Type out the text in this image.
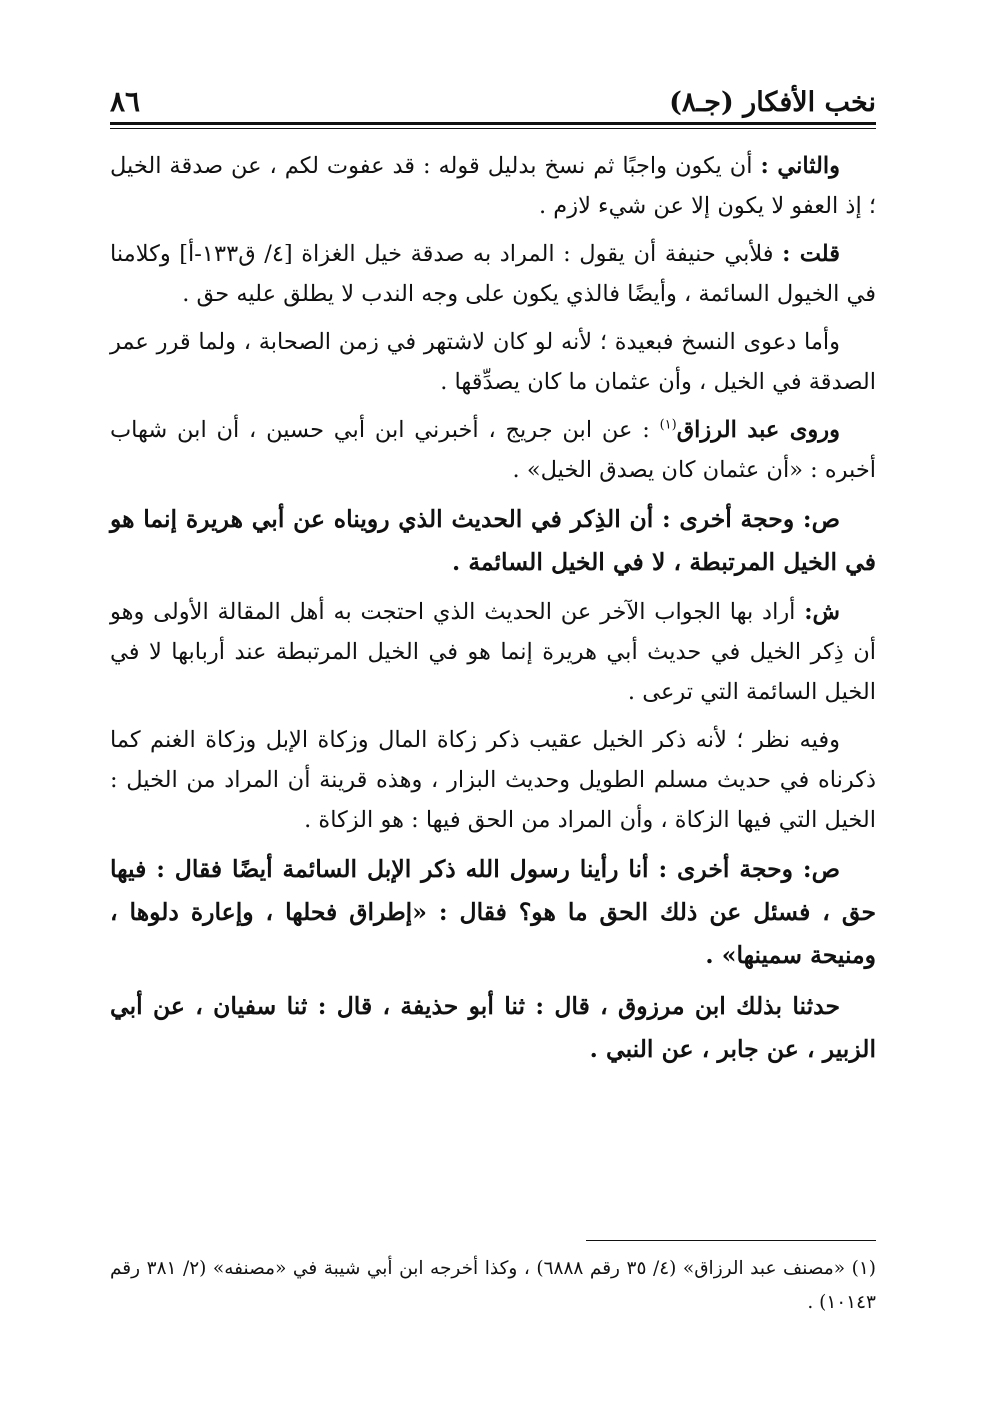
نخب الأفكار (جـ٨)
٨٦

والثاني : أن يكون واجبًا ثم نسخ بدليل قوله : قد عفوت لكم ، عن صدقة الخيل ؛ إذ العفو لا يكون إلا عن شيء لازم .

قلت : فلأبي حنيفة أن يقول : المراد به صدقة خيل الغزاة [٤/ ق١٣٣-أ] وكلامنا في الخيول السائمة ، وأيضًا فالذي يكون على وجه الندب لا يطلق عليه حق .

وأما دعوى النسخ فبعيدة ؛ لأنه لو كان لاشتهر في زمن الصحابة ، ولما قرر عمر الصدقة في الخيل ، وأن عثمان ما كان يصدِّقها .

وروى عبد الرزاق$^{(١)}$ : عن ابن جريج ، أخبرني ابن أبي حسين ، أن ابن شهاب أخبره : «أن عثمان كان يصدق الخيل» .

ص: وحجة أخرى : أن الذِكر في الحديث الذي رويناه عن أبي هريرة إنما هو في الخيل المرتبطة ، لا في الخيل السائمة .

ش: أراد بها الجواب الآخر عن الحديث الذي احتجت به أهل المقالة الأولى وهو أن ذِكر الخيل في حديث أبي هريرة إنما هو في الخيل المرتبطة عند أربابها لا في الخيل السائمة التي ترعى .

وفيه نظر ؛ لأنه ذكر الخيل عقيب ذكر زكاة المال وزكاة الإبل وزكاة الغنم كما ذكرناه في حديث مسلم الطويل وحديث البزار ، وهذه قرينة أن المراد من الخيل : الخيل التي فيها الزكاة ، وأن المراد من الحق فيها : هو الزكاة .

ص: وحجة أخرى : أنا رأينا رسول الله ذكر الإبل السائمة أيضًا فقال : فيها حق ، فسئل عن ذلك الحق ما هو؟ فقال : «إطراق فحلها ، وإعارة دلوها ، ومنيحة سمينها» .

حدثنا بذلك ابن مرزوق ، قال : ثنا أبو حذيفة ، قال : ثنا سفيان ، عن أبي الزبير ، عن جابر ، عن النبي .

(١) «مصنف عبد الرزاق» (٤/ ٣٥ رقم ٦٨٨٨) ، وكذا أخرجه ابن أبي شيبة في «مصنفه» (٢/ ٣٨١ رقم ١٠١٤٣) .
